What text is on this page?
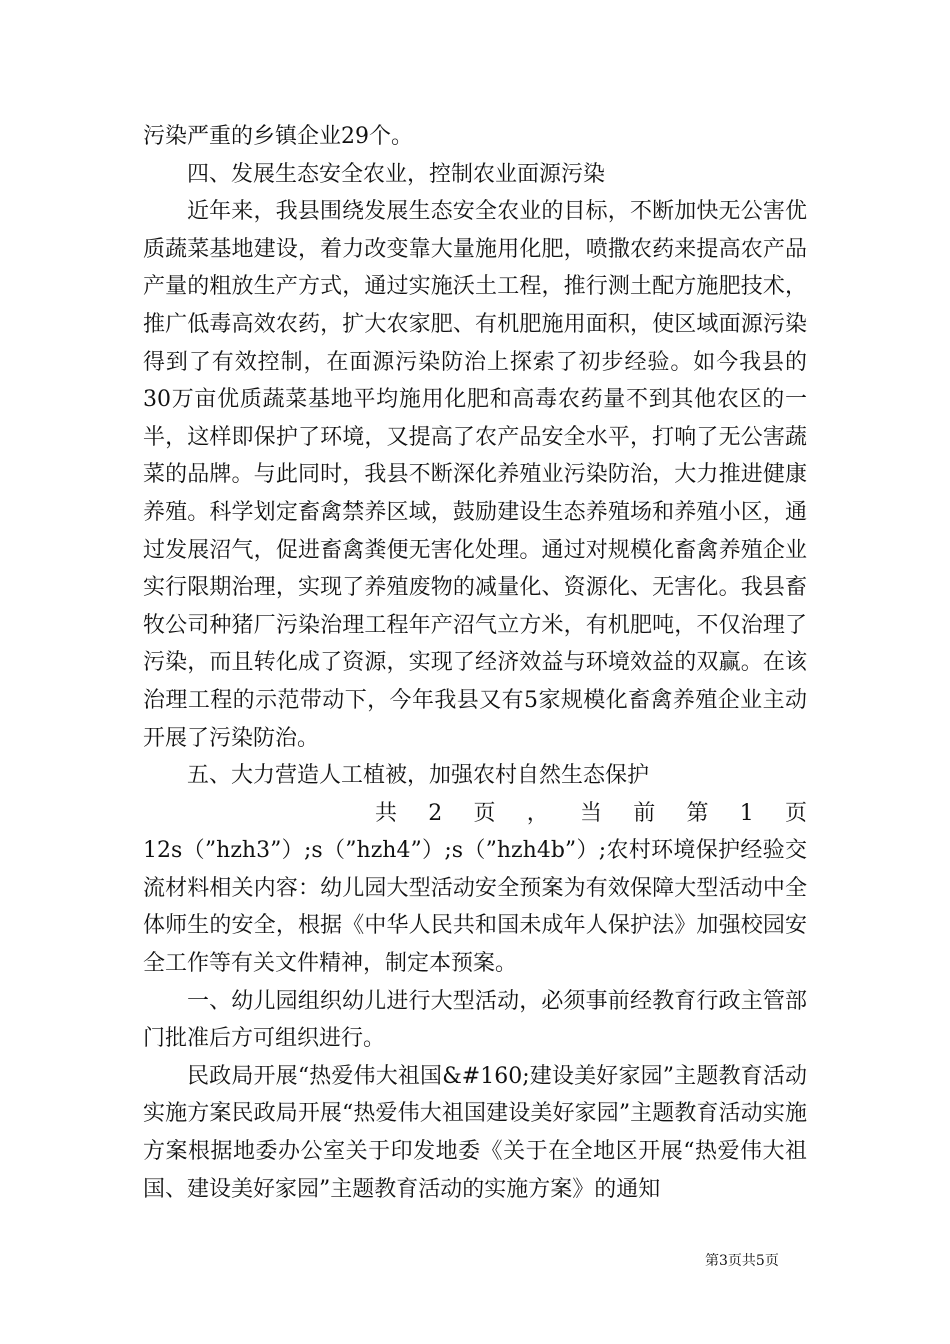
污染严重的乡镇企业29个。

四、发展生态安全农业，控制农业面源污染

近年来，我县围绕发展生态安全农业的目标，不断加快无公害优质蔬菜基地建设，着力改变靠大量施用化肥，喷撒农药来提高农产品产量的粗放生产方式，通过实施沃土工程，推行测土配方施肥技术，推广低毒高效农药，扩大农家肥、有机肥施用面积，使区域面源污染得到了有效控制，在面源污染防治上探索了初步经验。如今我县的30万亩优质蔬菜基地平均施用化肥和高毒农药量不到其他农区的一半，这样即保护了环境，又提高了农产品安全水平，打响了无公害蔬菜的品牌。与此同时，我县不断深化养殖业污染防治，大力推进健康养殖。科学划定畜禽禁养区域，鼓励建设生态养殖场和养殖小区，通过发展沼气，促进畜禽粪便无害化处理。通过对规模化畜禽养殖企业实行限期治理，实现了养殖废物的减量化、资源化、无害化。我县畜牧公司种猪厂污染治理工程年产沼气立方米，有机肥吨，不仅治理了污染，而且转化成了资源，实现了经济效益与环境效益的双赢。在该治理工程的示范带动下，今年我县又有5家规模化畜禽养殖企业主动开展了污染防治。

五、大力营造人工植被，加强农村自然生态保护

共 2 页 ， 当 前 第 1 页

12s（”hzh3”）;s（”hzh4”）;s（”hzh4b”）;农村环境保护经验交流材料相关内容：幼儿园大型活动安全预案为有效保障大型活动中全体师生的安全，根据《中华人民共和国未成年人保护法》加强校园安全工作等有关文件精神，制定本预案。

一、幼儿园组织幼儿进行大型活动，必须事前经教育行政主管部门批准后方可组织进行。

民政局开展“热爱伟大祖国&#160;建设美好家园”主题教育活动实施方案民政局开展“热爱伟大祖国建设美好家园”主题教育活动实施方案根据地委办公室关于印发地委《关于在全地区开展“热爱伟大祖国、建设美好家园”主题教育活动的实施方案》的通知

第3页共5页
